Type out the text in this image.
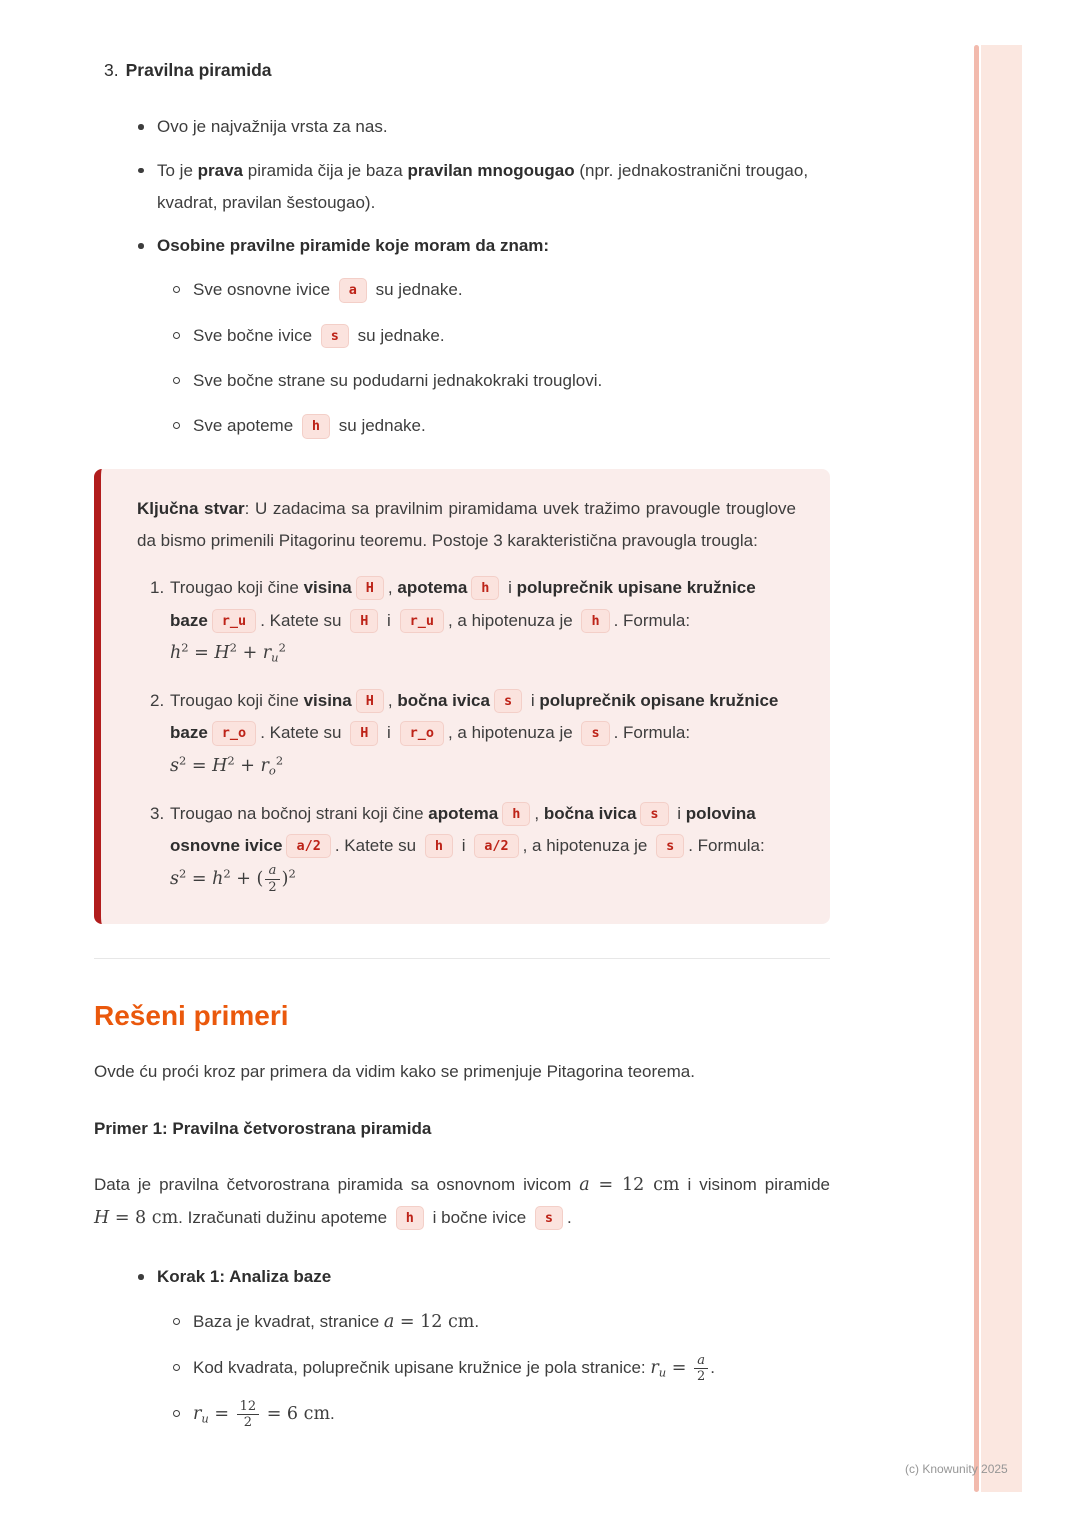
3. Pravilna piramida
Ovo je najvažnija vrsta za nas.
To je prava piramida čija je baza pravilan mnogougao (npr. jednakostranični trougao, kvadrat, pravilan šestougao).
Osobine pravilne piramide koje moram da znam:
Sve osnovne ivice a su jednake.
Sve bočne ivice s su jednake.
Sve bočne strane su podudarni jednakokraki trouglovi.
Sve apoteme h su jednake.

Ključna stvar: U zadacima sa pravilnim piramidama uvek tražimo pravougle trouglove da bismo primenili Pitagorinu teoremu. Postoje 3 karakteristična pravougla trougla:

1. Trougao koji čine visina H , apotema h i poluprečnik upisane kružnice baze r_u . Katete su H i r_u , a hipotenuza je h . Formula: $h^2 = H^2 + r_u^2$
2. Trougao koji čine visina H , bočna ivica s i poluprečnik opisane kružnice baze r_o . Katete su H i r_o , a hipotenuza je s . Formula: $s^2 = H^2 + r_o^2$
3. Trougao na bočnoj strani koji čine apotema h , bočna ivica s i polovina osnovne ivice a/2 . Katete su h i a/2 , a hipotenuza je s . Formula: $s^2 = h^2$ + ( $\frac{a}{2} )^2$
Rešeni primeri

Ovde ću proći kroz par primera da vidim kako se primenjuje Pitagorina teorema.

Primer 1: Pravilna četvorostrana piramida

Data je pravilna četvorostrana piramida sa osnovnom ivicom a = 12 cm i visinom piramide H = 8 cm. Izračunati dužinu apoteme h i bočne ivice s .

Korak 1: Analiza baze
Baza je kvadrat, stranice a = 12 cm.
Kod kvadrata, poluprečnik upisane kružnice je pola stranice: $r_u = \frac{a}{2}$ .
$r_u = \frac{12}{2} = 6$ cm.
(c) Knowunity 2025
